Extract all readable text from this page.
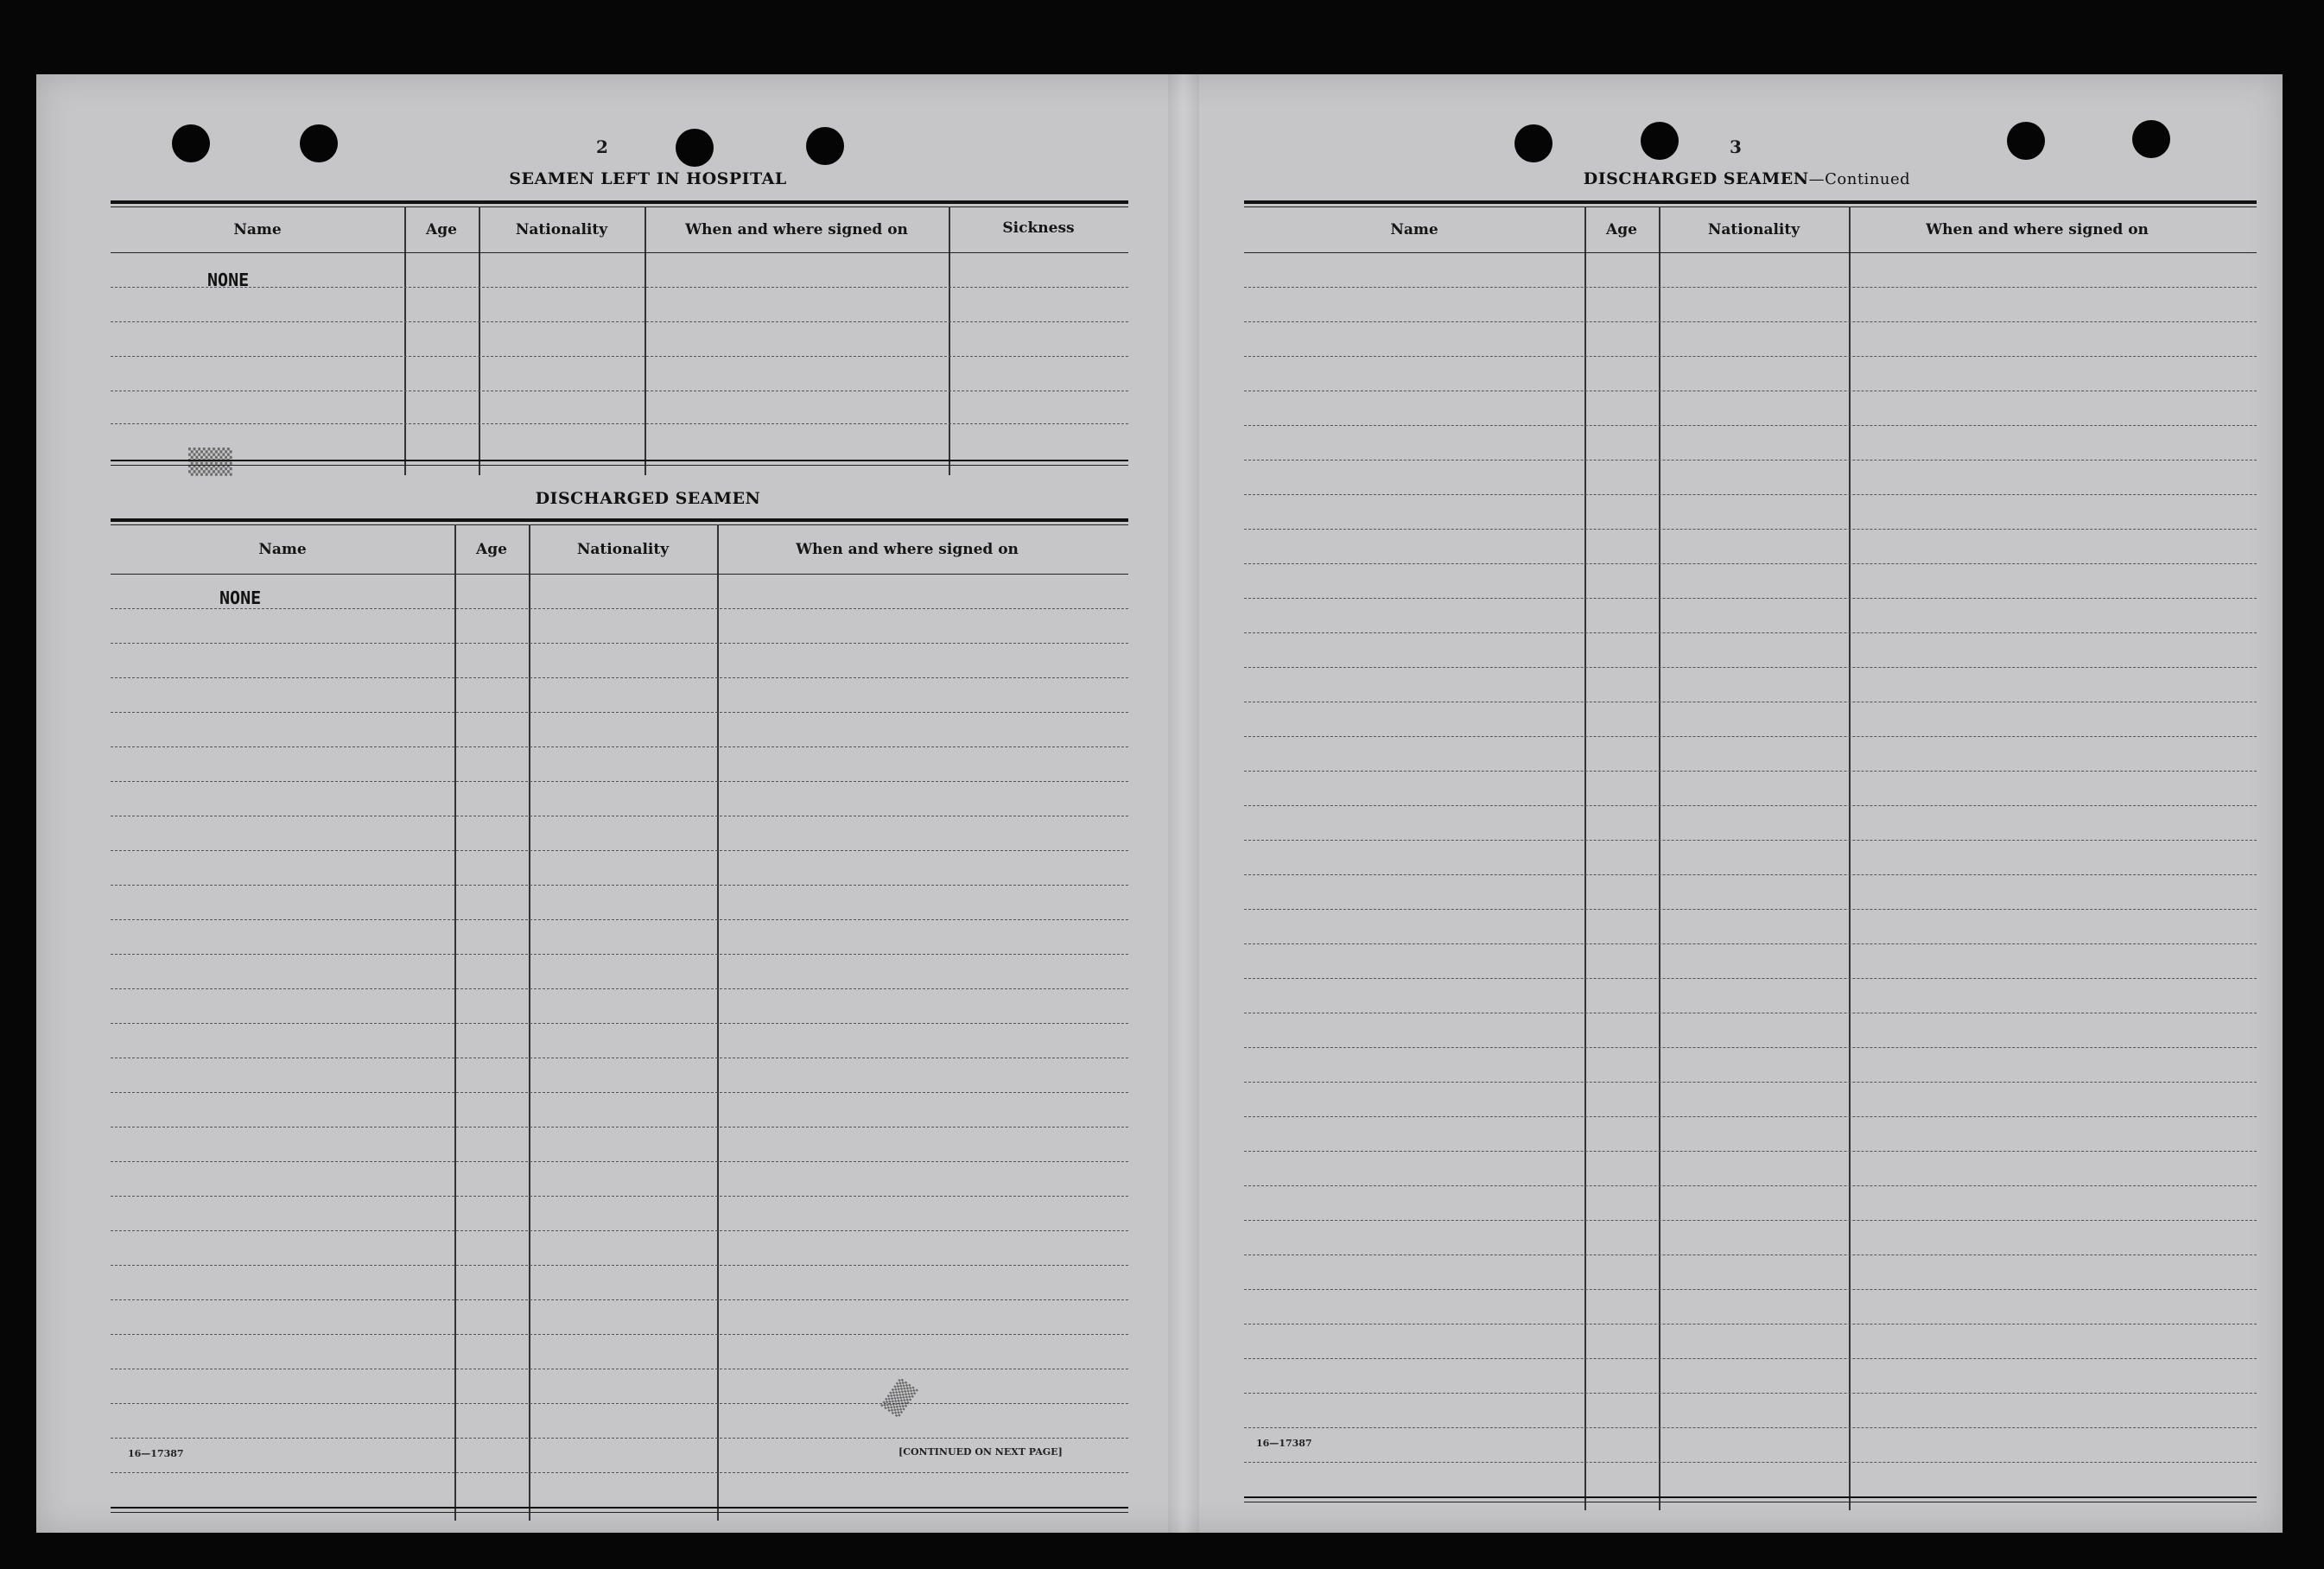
2
SEAMEN LEFT IN HOSPITAL
Name	Age	Nationality	When and where signed on	Sickness
NONE
▒▒▒
DISCHARGED SEAMEN
Name	Age	Nationality	When and where signed on
NONE
▒▒▒
16—17387	[CONTINUED ON NEXT PAGE]
3
DISCHARGED SEAMEN—Continued
Name	Age	Nationality	When and where signed on
16—17387
